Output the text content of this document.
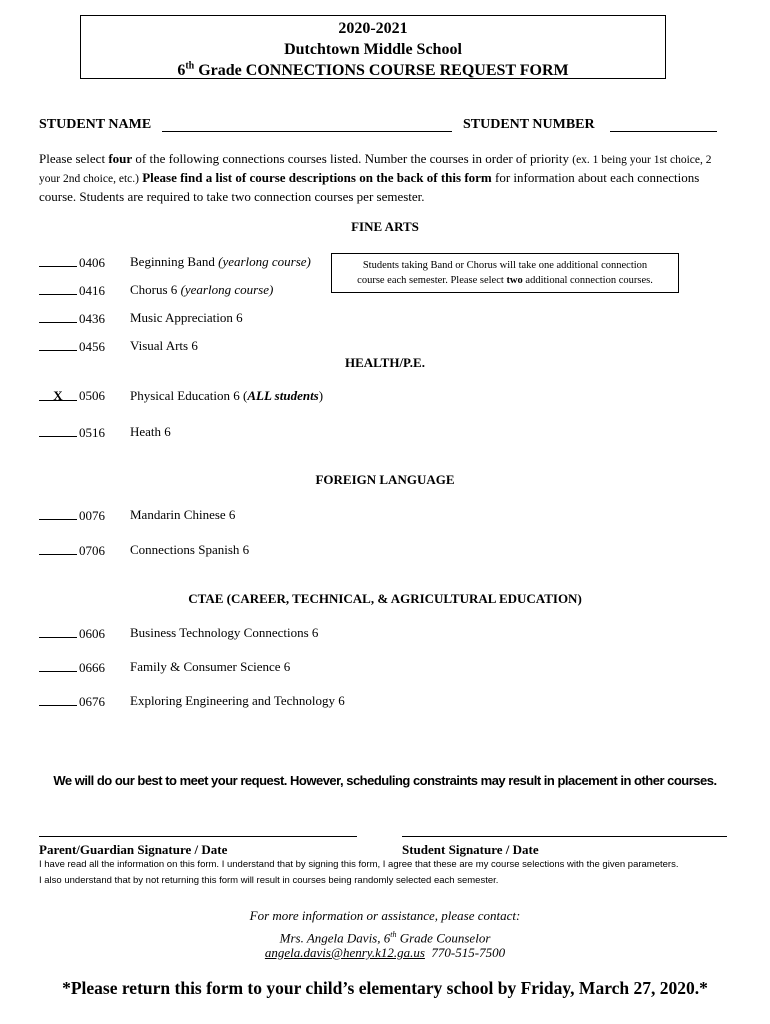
2020-2021
Dutchtown Middle School
6th Grade CONNECTIONS COURSE REQUEST FORM
STUDENT NAME	STUDENT NUMBER
Please select four of the following connections courses listed. Number the courses in order of priority (ex. 1 being your 1st choice, 2 your 2nd choice, etc.) Please find a list of course descriptions on the back of this form for information about each connections course. Students are required to take two connection courses per semester.
FINE ARTS
HEALTH/P.E.
FOREIGN LANGUAGE
CTAE (CAREER, TECHNICAL, & AGRICULTURAL EDUCATION)
0406 Beginning Band (yearlong course)
0416 Chorus 6 (yearlong course)
0436 Music Appreciation 6
0456 Visual Arts 6
X 0506 Physical Education 6 (ALL students)
0516 Heath 6
0076 Mandarin Chinese 6
0706 Connections Spanish 6
0606 Business Technology Connections 6
0666 Family & Consumer Science 6
0676 Exploring Engineering and Technology 6
Students taking Band or Chorus will take one additional connection
course each semester. Please select two additional connection courses.
We will do our best to meet your request. However, scheduling constraints may result in placement in other courses.
Parent/Guardian Signature / Date	Student Signature / Date
I have read all the information on this form. I understand that by signing this form, I agree that these are my course selections with the given parameters.
I also understand that by not returning this form will result in courses being randomly selected each semester.
For more information or assistance, please contact:
Mrs. Angela Davis, 6th Grade Counselor
angela.davis@henry.k12.ga.us 770-515-7500
*Please return this form to your child’s elementary school by Friday, March 27, 2020.*
